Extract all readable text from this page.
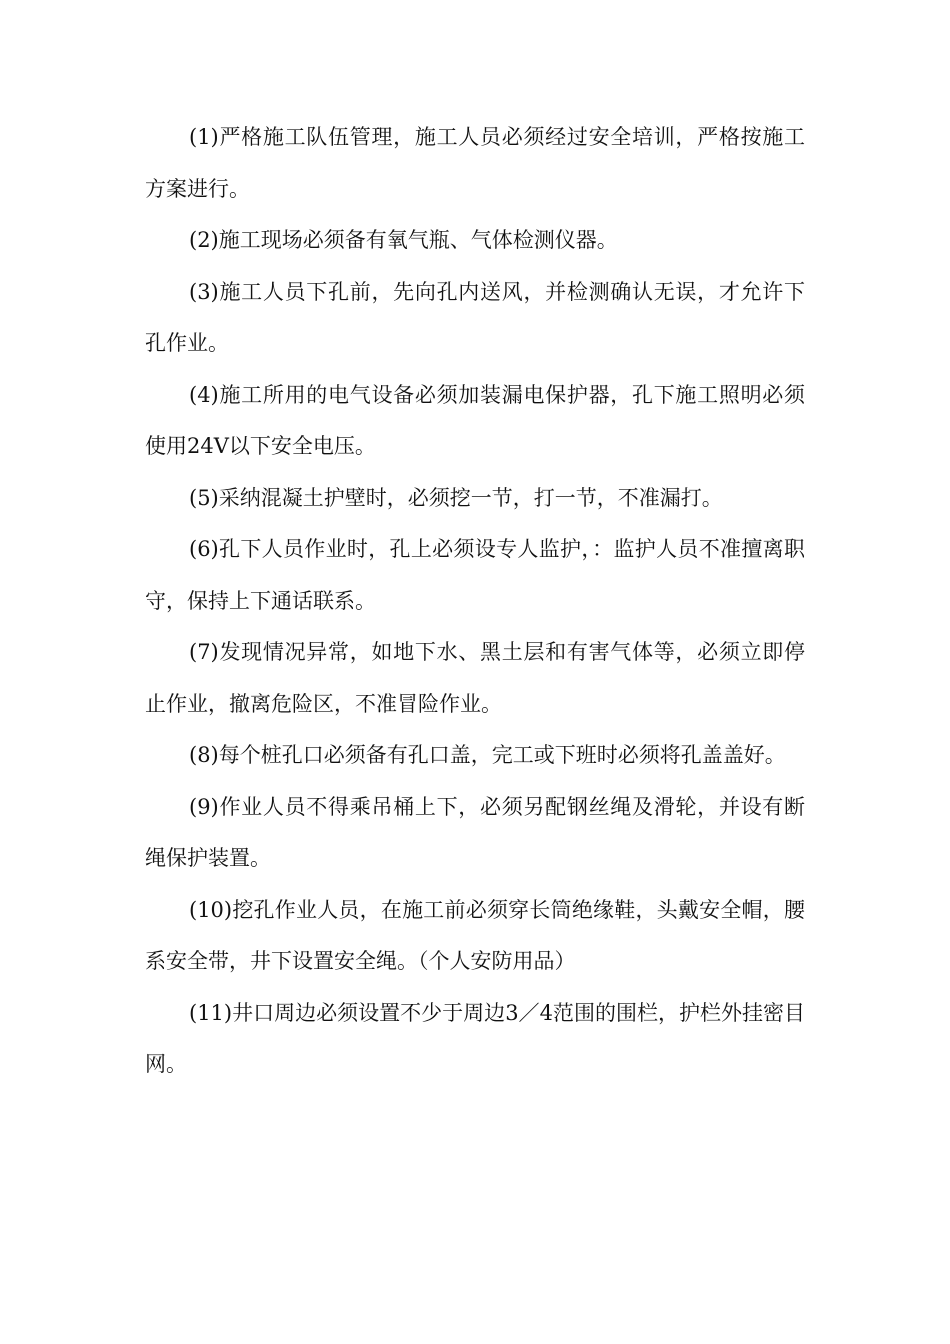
(1)严格施工队伍管理，施工人员必须经过安全培训，严格按施工方案进行。

(2)施工现场必须备有氧气瓶、气体检测仪器。

(3)施工人员下孔前，先向孔内送风，并检测确认无误，才允许下孔作业。

(4)施工所用的电气设备必须加装漏电保护器，孔下施工照明必须使用24V以下安全电压。

(5)采纳混凝土护壁时，必须挖一节，打一节，不准漏打。

(6)孔下人员作业时，孔上必须设专人监护，：监护人员不准擅离职守，保持上下通话联系。

(7)发现情况异常，如地下水、黑土层和有害气体等，必须立即停止作业，撤离危险区，不准冒险作业。

(8)每个桩孔口必须备有孔口盖，完工或下班时必须将孔盖盖好。

(9)作业人员不得乘吊桶上下，必须另配钢丝绳及滑轮，并设有断绳保护装置。

(10)挖孔作业人员，在施工前必须穿长筒绝缘鞋，头戴安全帽，腰系安全带，井下设置安全绳。（个人安防用品）

(11)井口周边必须设置不少于周边3／4范围的围栏，护栏外挂密目网。
